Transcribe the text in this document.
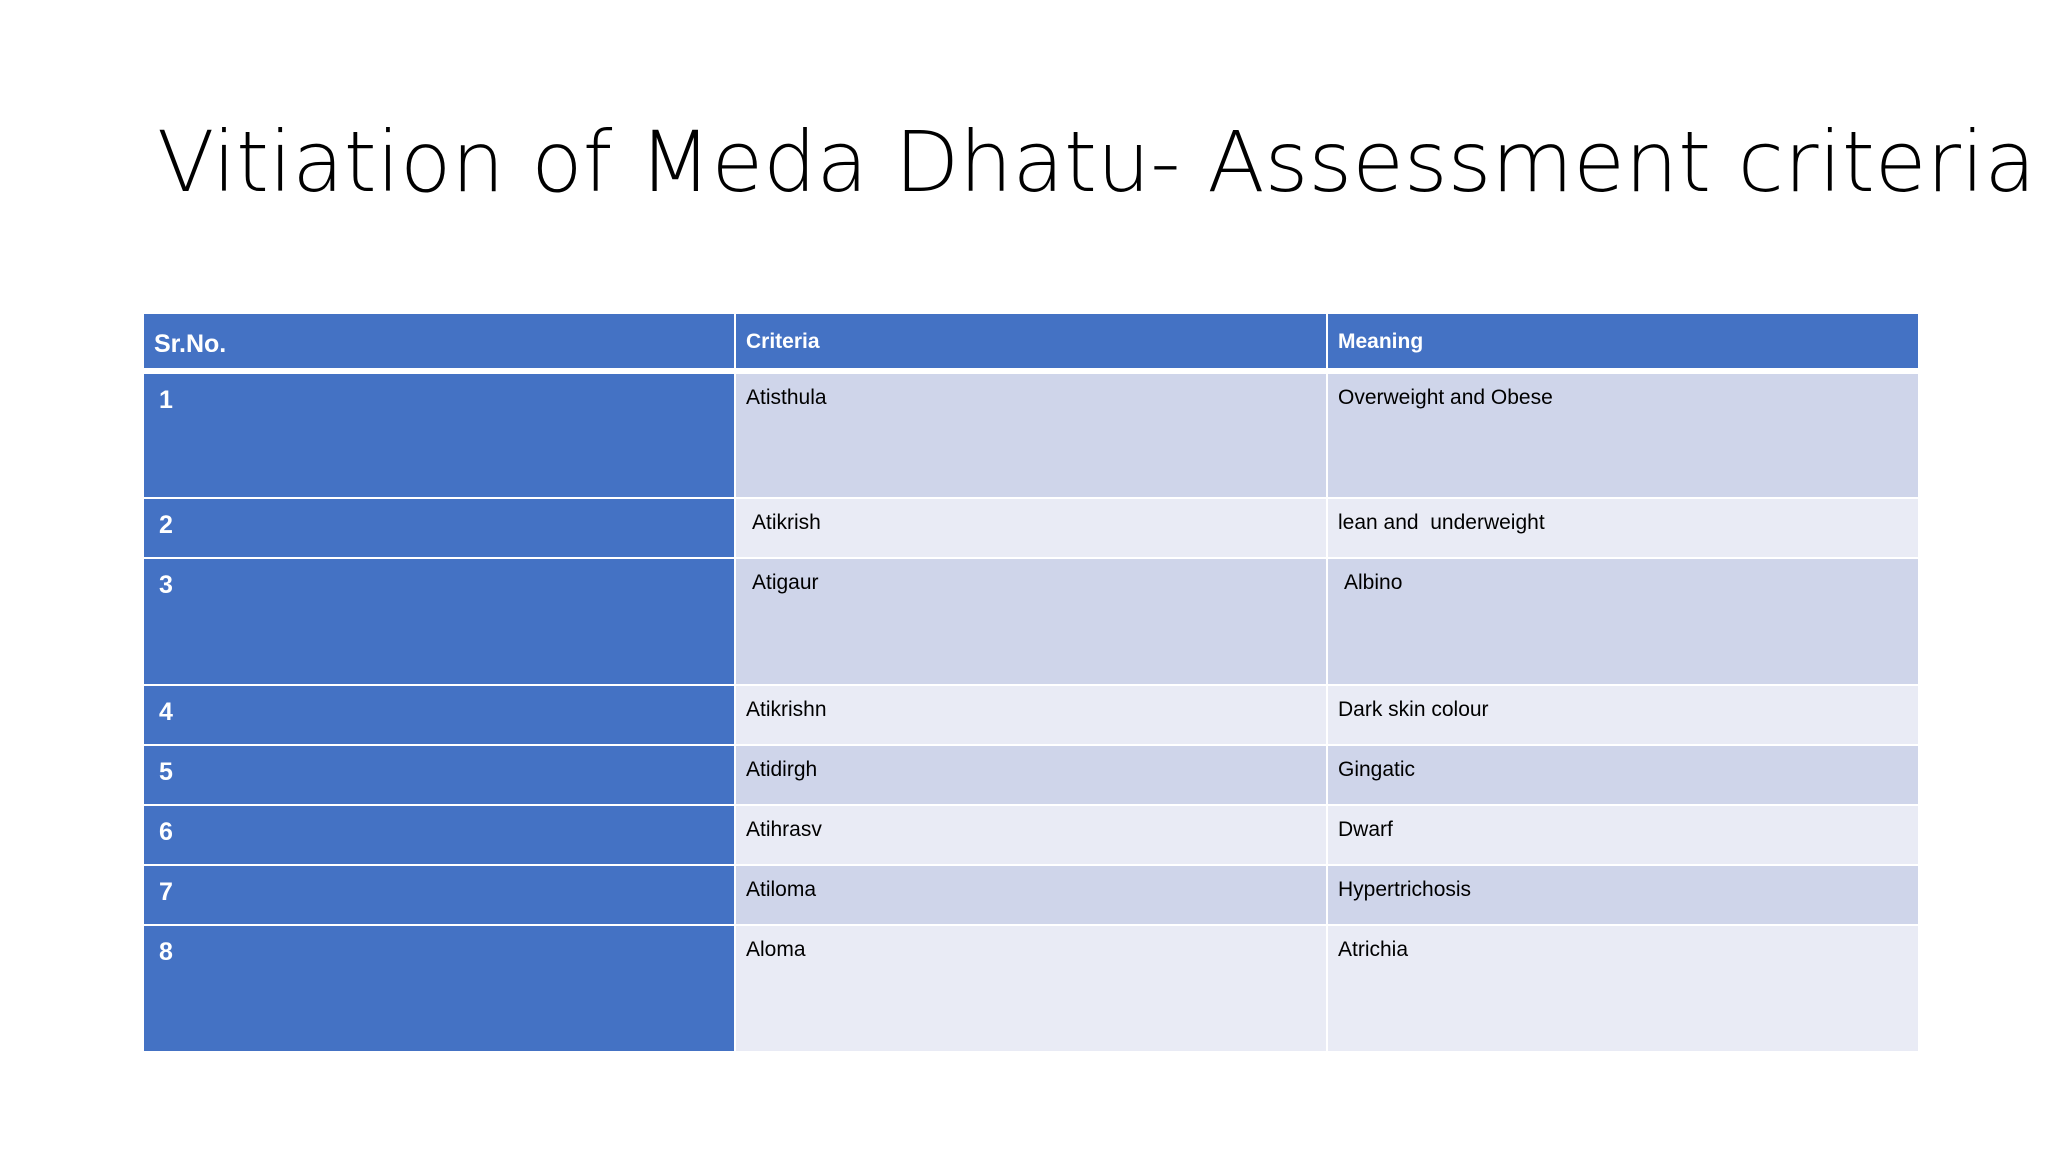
Vitiation of Meda Dhatu- Assessment criteria
Sr.No.	Criteria	Meaning

1	Atisthula	Overweight and Obese

2	Atikrish	lean and  underweight

3	Atigaur	Albino

4	Atikrishn	Dark skin colour

5	Atidirgh	Gingatic

6	Atihrasv	Dwarf

7	Atiloma	Hypertrichosis

8	Aloma	Atrichia
